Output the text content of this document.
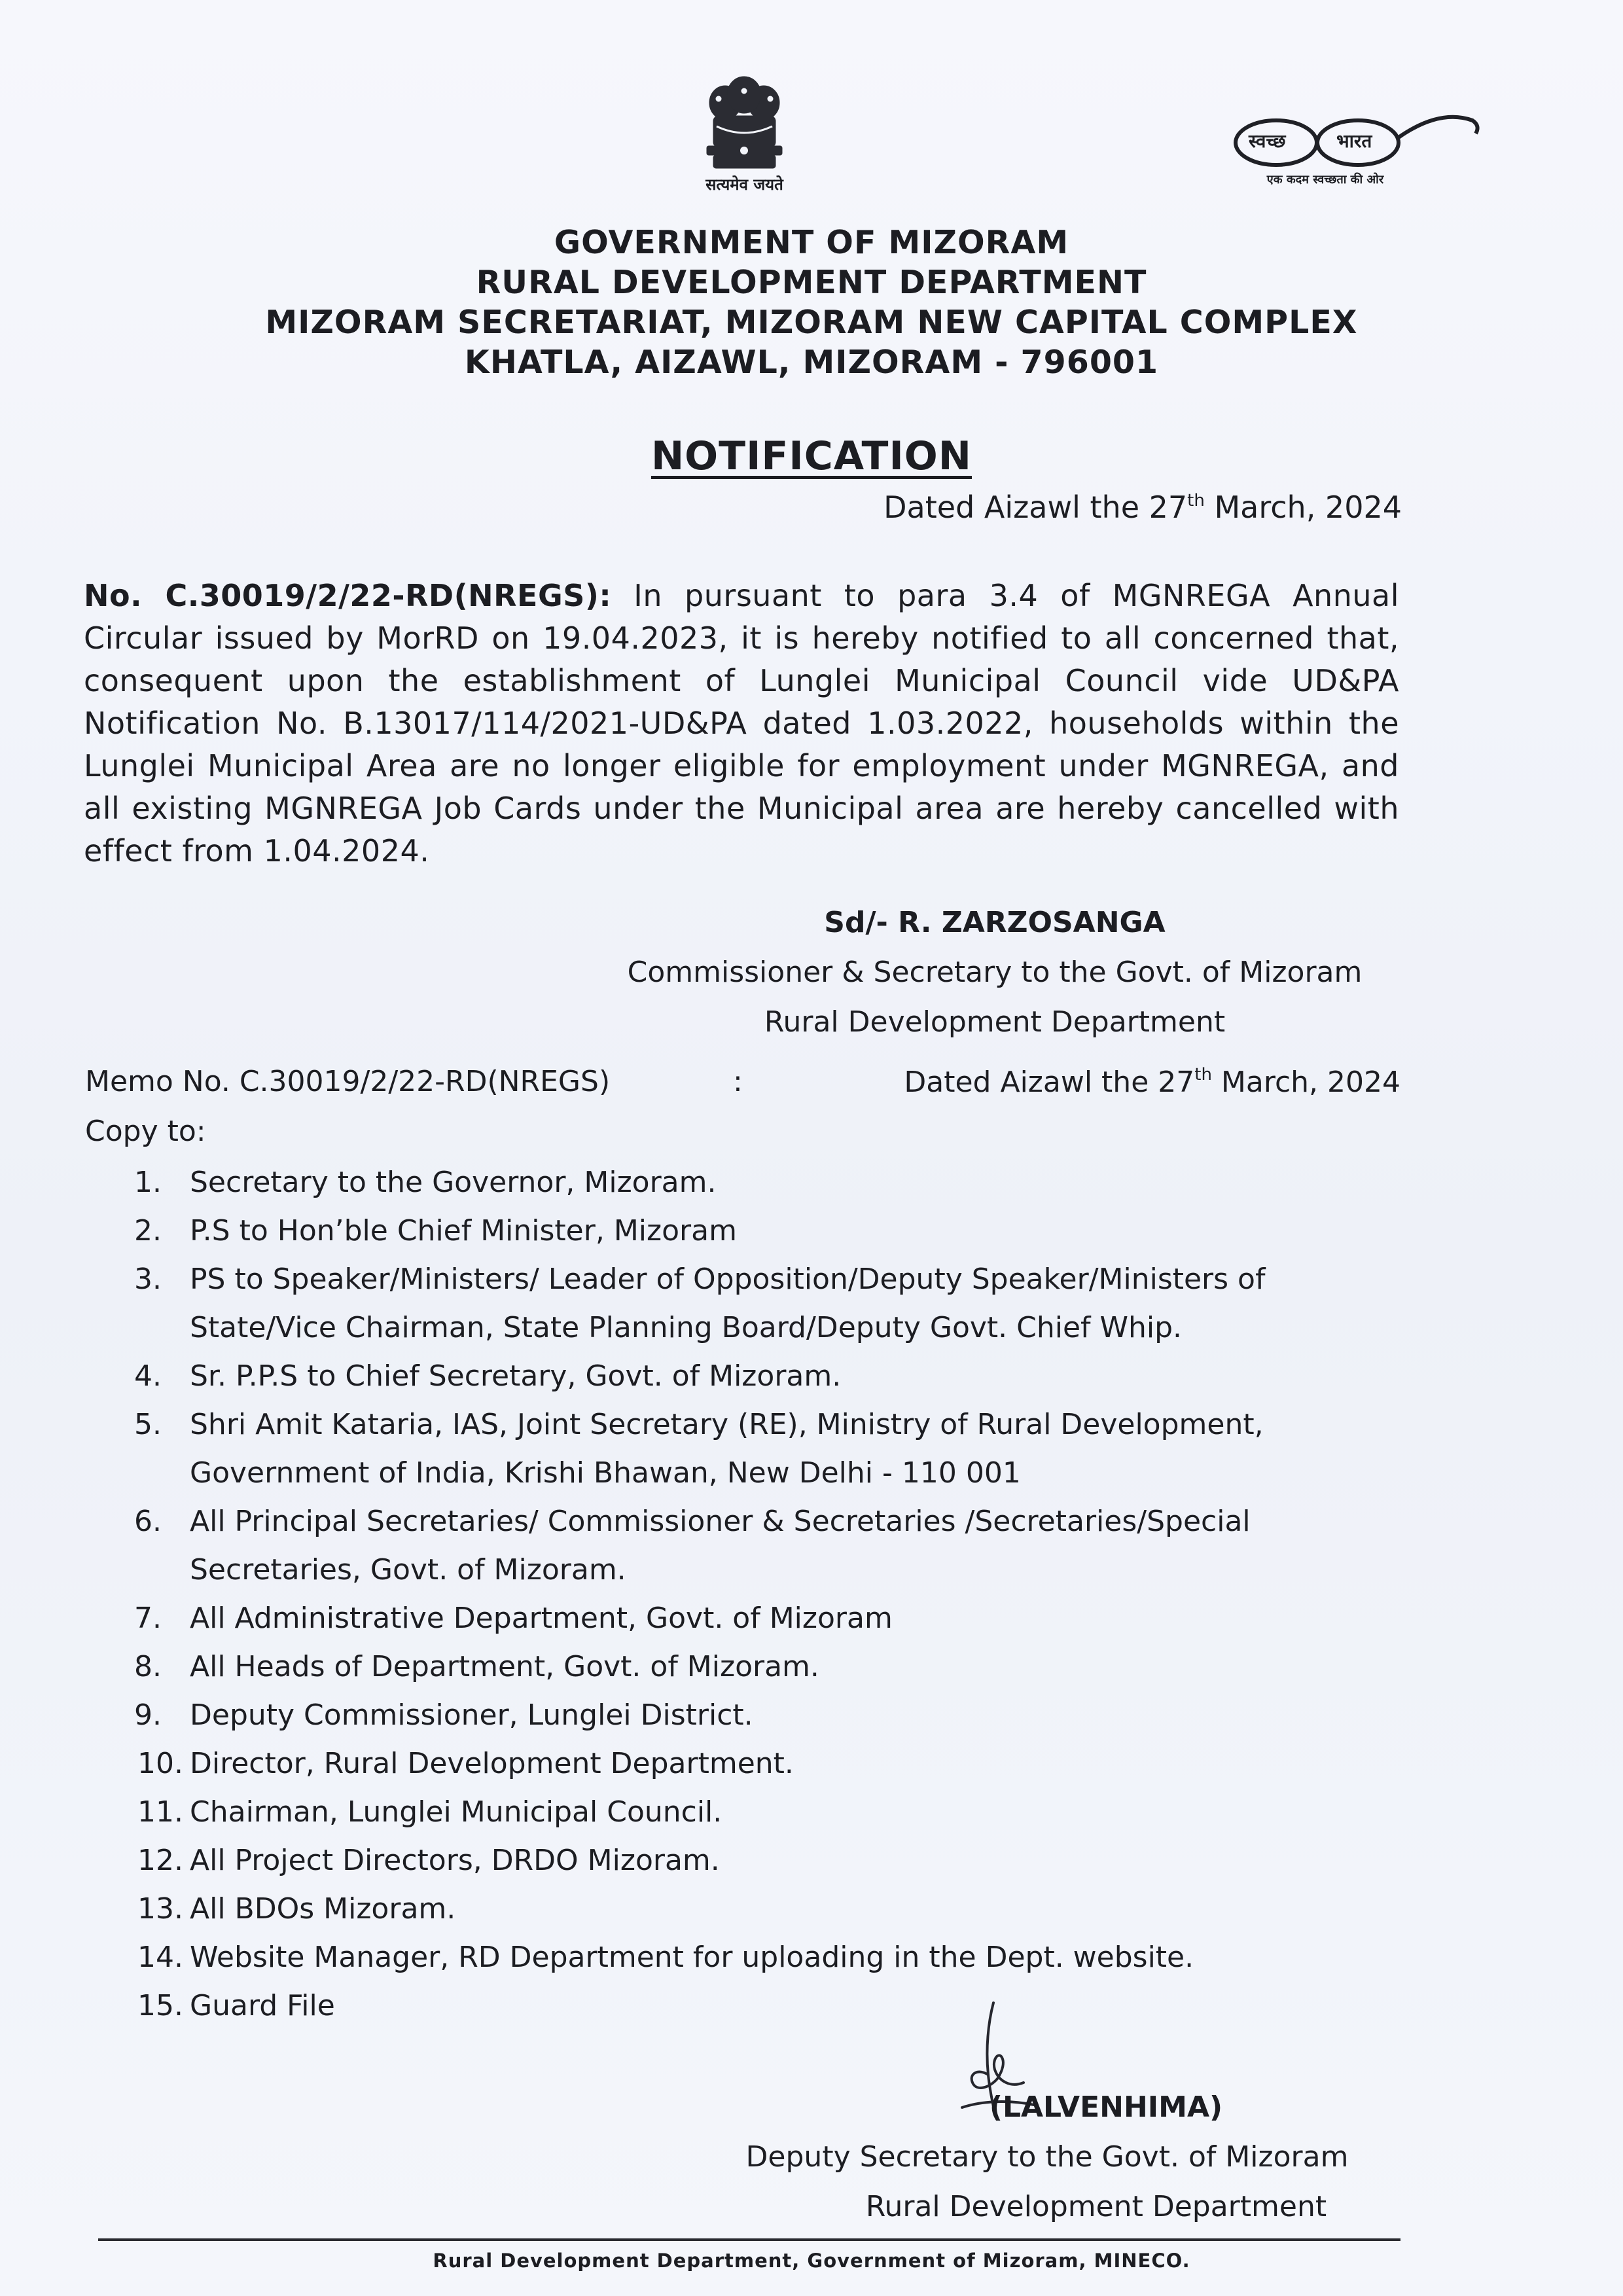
सत्यमेव जयते
स्वच्छ	भारत
एक कदम स्वच्छता की ओर
GOVERNMENT OF MIZORAM
RURAL DEVELOPMENT DEPARTMENT
MIZORAM SECRETARIAT, MIZORAM NEW CAPITAL COMPLEX
KHATLA, AIZAWL, MIZORAM - 796001
NOTIFICATION
Dated Aizawl the 27th March, 2024
No. C.30019/2/22-RD(NREGS): In pursuant to para 3.4 of MGNREGA Annual Circular issued by MorRD on 19.04.2023, it is hereby notified to all concerned that, consequent upon the establishment of Lunglei Municipal Council vide UD&PA Notification No. B.13017/114/2021-UD&PA dated 1.03.2022, households within the Lunglei Municipal Area are no longer eligible for employment under MGNREGA, and all existing MGNREGA Job Cards under the Municipal area are hereby cancelled with effect from 1.04.2024.
Sd/- R. ZARZOSANGA
Commissioner & Secretary to the Govt. of Mizoram
Rural Development Department
Memo No. C.30019/2/22-RD(NREGS)	:	Dated Aizawl the 27th March, 2024
Copy to:
1. Secretary to the Governor, Mizoram.
2. P.S to Hon’ble Chief Minister, Mizoram
3. PS to Speaker/Ministers/ Leader of Opposition/Deputy Speaker/Ministers of State/Vice Chairman, State Planning Board/Deputy Govt. Chief Whip.
4. Sr. P.P.S to Chief Secretary, Govt. of Mizoram.
5. Shri Amit Kataria, IAS, Joint Secretary (RE), Ministry of Rural Development, Government of India, Krishi Bhawan, New Delhi - 110 001
6. All Principal Secretaries/ Commissioner & Secretaries /Secretaries/Special Secretaries, Govt. of Mizoram.
7. All Administrative Department, Govt. of Mizoram
8. All Heads of Department, Govt. of Mizoram.
9. Deputy Commissioner, Lunglei District.
10. Director, Rural Development Department.
11. Chairman, Lunglei Municipal Council.
12. All Project Directors, DRDO Mizoram.
13. All BDOs Mizoram.
14. Website Manager, RD Department for uploading in the Dept. website.
15. Guard File
(LALVENHIMA)
Deputy Secretary to the Govt. of Mizoram
Rural Development Department
Rural Development Department, Government of Mizoram, MINECO.
